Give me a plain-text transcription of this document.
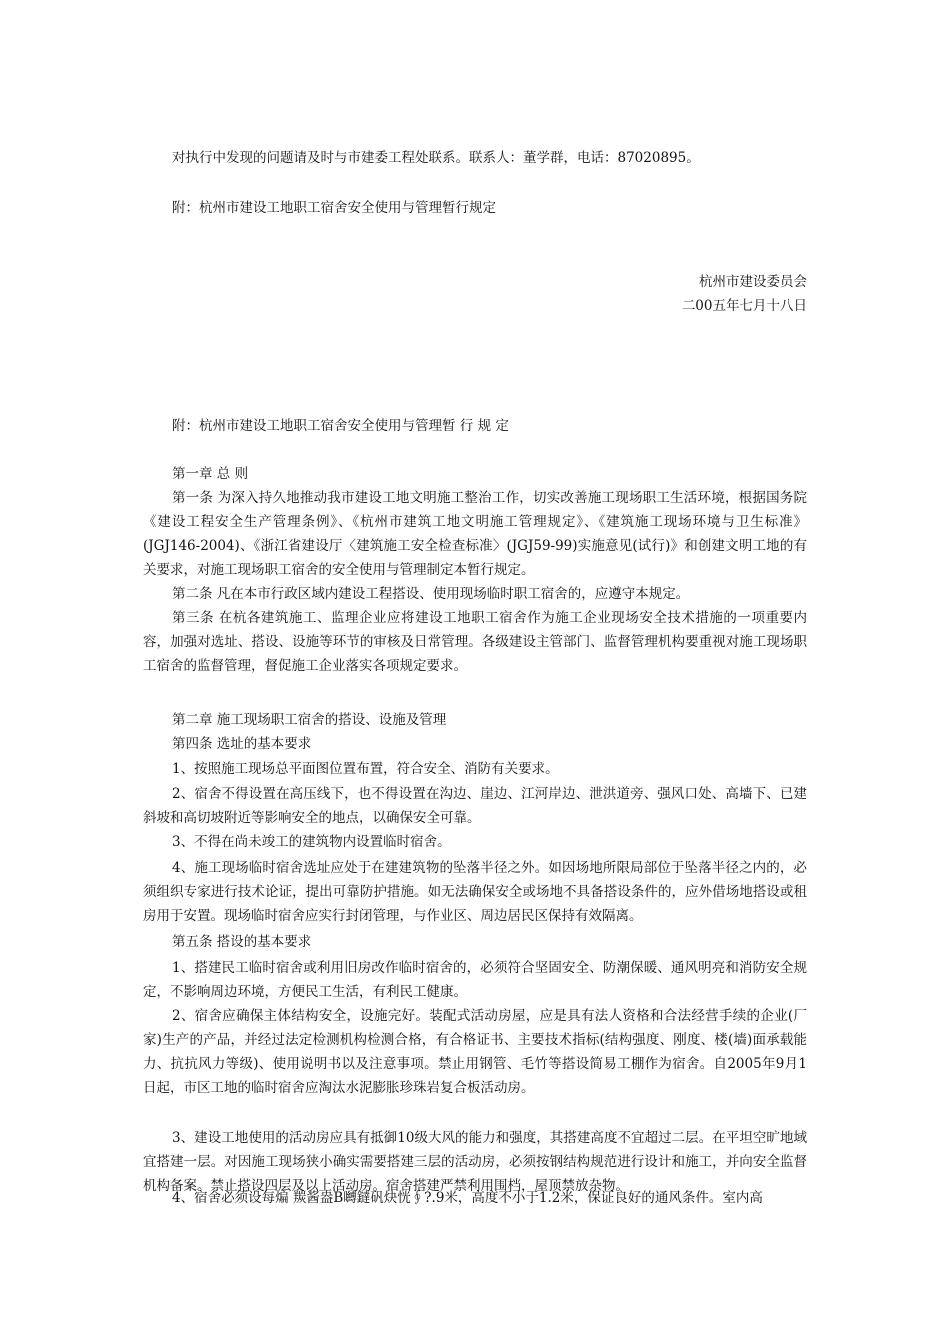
对执行中发现的问题请及时与市建委工程处联系。联系人：董学群，电话：87020895。
附：杭州市建设工地职工宿舍安全使用与管理暂行规定
杭州市建设委员会
二00五年七月十八日
附：杭州市建设工地职工宿舍安全使用与管理暂 行 规 定
第一章 总 则
第一条 为深入持久地推动我市建设工地文明施工整治工作，切实改善施工现场职工生活环境，根据国务院《建设工程安全生产管理条例》、《杭州市建筑工地文明施工管理规定》、《建筑施工现场环境与卫生标准》(JGJ146-2004)、《浙江省建设厅〈建筑施工安全检查标准〉(JGJ59-99)实施意见(试行)》和创建文明工地的有关要求，对施工现场职工宿舍的安全使用与管理制定本暂行规定。
第二条 凡在本市行政区域内建设工程搭设、使用现场临时职工宿舍的，应遵守本规定。
第三条 在杭各建筑施工、监理企业应将建设工地职工宿舍作为施工企业现场安全技术措施的一项重要内容，加强对选址、搭设、设施等环节的审核及日常管理。各级建设主管部门、监督管理机构要重视对施工现场职工宿舍的监督管理，督促施工企业落实各项规定要求。
第二章 施工现场职工宿舍的搭设、设施及管理
第四条 选址的基本要求
1、按照施工现场总平面图位置布置，符合安全、消防有关要求。
2、宿舍不得设置在高压线下，也不得设置在沟边、崖边、江河岸边、泄洪道旁、强风口处、高墙下、已建斜坡和高切坡附近等影响安全的地点，以确保安全可靠。
3、不得在尚未竣工的建筑物内设置临时宿舍。
4、施工现场临时宿舍选址应处于在建建筑物的坠落半径之外。如因场地所限局部位于坠落半径之内的，必须组织专家进行技术论证，提出可靠防护措施。如无法确保安全或场地不具备搭设条件的，应外借场地搭设或租房用于安置。现场临时宿舍应实行封闭管理，与作业区、周边居民区保持有效隔离。
第五条 搭设的基本要求
1、搭建民工临时宿舍或利用旧房改作临时宿舍的，必须符合坚固安全、防潮保暖、通风明亮和消防安全规定，不影响周边环境，方便民工生活，有利民工健康。
2、宿舍应确保主体结构安全，设施完好。装配式活动房屋，应是具有法人资格和合法经营手续的企业(厂家)生产的产品，并经过法定检测机构检测合格，有合格证书、主要技术指标(结构强度、刚度、楼(墙)面承载能力、抗抗风力等级)、使用说明书以及注意事项。禁止用钢管、毛竹等搭设简易工棚作为宿舍。自2005年9月1日起，市区工地的临时宿舍应淘汰水泥膨胀珍珠岩复合板活动房。
3、建设工地使用的活动房应具有抵御10级大风的能力和强度，其搭建高度不宜超过二层。在平坦空旷地域宜搭建一层。对因施工现场狭小确实需要搭建三层的活动房，必须按钢结构规范进行设计和施工，并向安全监督机构备案。禁止搭设四层及以上活动房。宿舍搭建严禁利用围档，屋顶禁放杂物。
4、宿舍必须设每煸 羰酱盎Β嚩鐽矾炔恍∮?.9米，高度不小于1.2米，保证良好的通风条件。室内高
